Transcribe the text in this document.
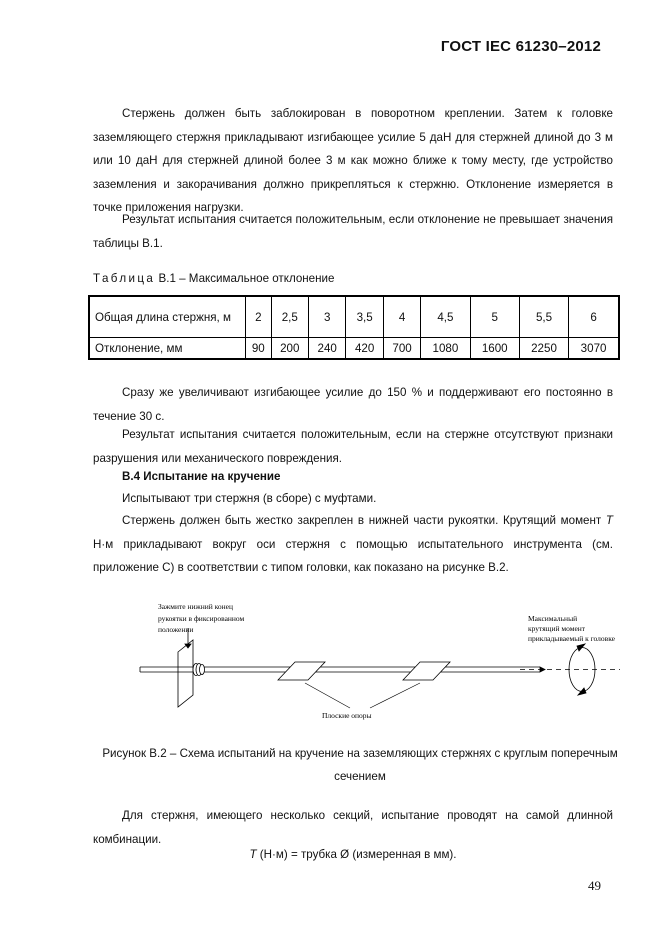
ГОСТ IEC 61230–2012

Стержень должен быть заблокирован в поворотном креплении. Затем к головке заземляющего стержня прикладывают изгибающее усилие 5 даН для стержней длиной до 3 м или 10 даН для стержней длиной более 3 м как можно ближе к тому месту, где устройство заземления и закорачивания должно прикрепляться к стержню. Отклонение измеряется в точке приложения нагрузки.

Результат испытания считается положительным, если отклонение не превышает значения таблицы В.1.

Таблица В.1 – Максимальное отклонение
Общая длина стержня, м	2	2,5	3	3,5	4	4,5	5	5,5	6
Отклонение, мм	90	200	240	420	700	1080	1600	2250	3070

Сразу же увеличивают изгибающее усилие до 150 % и поддерживают его постоянно в течение 30 с.

Результат испытания считается положительным, если на стержне отсутствуют признаки разрушения или механического повреждения.

В.4 Испытание на кручение

Испытывают три стержня (в сборе) с муфтами.

Стержень должен быть жестко закреплен в нижней части рукоятки. Крутящий момент Т Н·м прикладывают вокруг оси стержня с помощью испытательного инструмента (см. приложение С) в соответствии с типом головки, как показано на рисунке В.2.

Зажмите нижний конец
рукоятки в фиксированном
положении
Максимальный
крутящий момент
прикладываемый к головке
Плоские опоры
Рисунок В.2 – Схема испытаний на кручение на заземляющих стержнях с круглым поперечным сечением

Для стержня, имеющего несколько секций, испытание проводят на самой длинной комбинации.

Т (Н·м) = трубка Ø (измеренная в мм).
49
